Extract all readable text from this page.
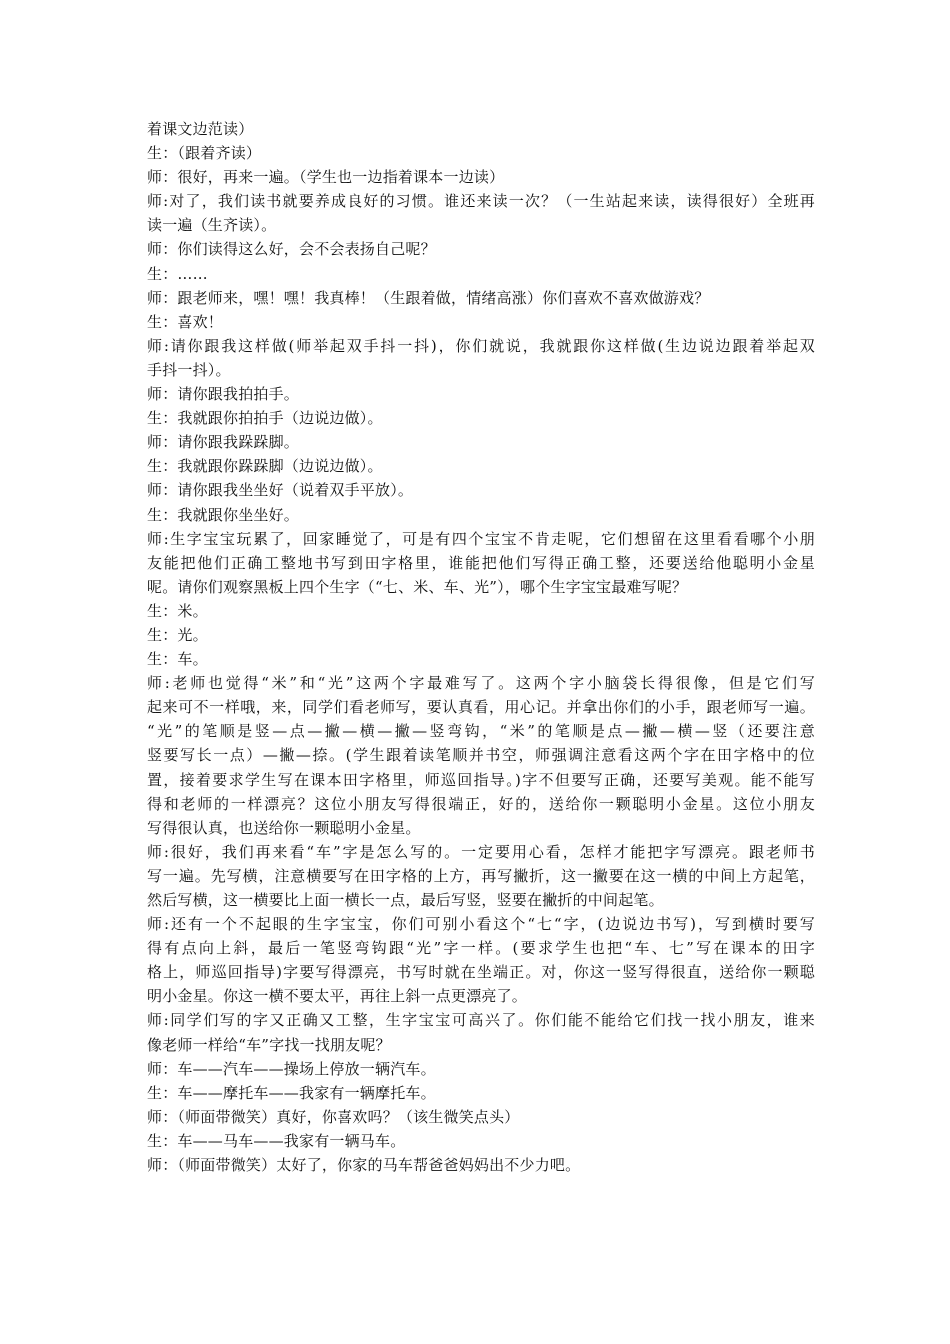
着课文边范读）
生：（跟着齐读）
师：很好，再来一遍。（学生也一边指着课本一边读）
师:对了，我们读书就要养成良好的习惯。谁还来读一次？（一生站起来读，读得很好）全班再
读一遍（生齐读）。
师：你们读得这么好，会不会表扬自己呢？
生：……
师：跟老师来，嘿！嘿！我真棒！（生跟着做，情绪高涨）你们喜欢不喜欢做游戏？
生：喜欢！
师:请你跟我这样做(师举起双手抖一抖)，你们就说，我就跟你这样做(生边说边跟着举起双
手抖一抖）。
师：请你跟我拍拍手。
生：我就跟你拍拍手（边说边做）。
师：请你跟我跺跺脚。
生：我就跟你跺跺脚（边说边做）。
师：请你跟我坐坐好（说着双手平放）。
生：我就跟你坐坐好。
师:生字宝宝玩累了，回家睡觉了，可是有四个宝宝不肯走呢，它们想留在这里看看哪个小朋
友能把他们正确工整地书写到田字格里，谁能把他们写得正确工整，还要送给他聪明小金星
呢。请你们观察黑板上四个生字（“七、米、车、光”），哪个生字宝宝最难写呢？
生：米。
生：光。
生：车。
师:老师也觉得“米”和“光”这两个字最难写了。这两个字小脑袋长得很像，但是它们写
起来可不一样哦，来，同学们看老师写，要认真看，用心记。并拿出你们的小手，跟老师写一遍。
“光”的笔顺是竖—点—撇—横—撇—竖弯钩，“米”的笔顺是点—撇—横—竖（还要注意
竖要写长一点）—撇—捺。(学生跟着读笔顺并书空，师强调注意看这两个字在田字格中的位
置，接着要求学生写在课本田字格里，师巡回指导。)字不但要写正确，还要写美观。能不能写
得和老师的一样漂亮？这位小朋友写得很端正，好的，送给你一颗聪明小金星。这位小朋友
写得很认真，也送给你一颗聪明小金星。
师:很好，我们再来看“车”字是怎么写的。一定要用心看，怎样才能把字写漂亮。跟老师书
写一遍。先写横，注意横要写在田字格的上方，再写撇折，这一撇要在这一横的中间上方起笔，
然后写横，这一横要比上面一横长一点，最后写竖，竖要在撇折的中间起笔。
师:还有一个不起眼的生字宝宝，你们可别小看这个“七“字，(边说边书写)，写到横时要写
得有点向上斜，最后一笔竖弯钩跟“光”字一样。(要求学生也把“车、七”写在课本的田字
格上，师巡回指导)字要写得漂亮，书写时就在坐端正。对，你这一竖写得很直，送给你一颗聪
明小金星。你这一横不要太平，再往上斜一点更漂亮了。
师:同学们写的字又正确又工整，生字宝宝可高兴了。你们能不能给它们找一找小朋友，谁来
像老师一样给“车”字找一找朋友呢？
师：车——汽车——操场上停放一辆汽车。
生：车——摩托车——我家有一辆摩托车。
师：（师面带微笑）真好，你喜欢吗？（该生微笑点头）
生：车——马车——我家有一辆马车。
师：（师面带微笑）太好了，你家的马车帮爸爸妈妈出不少力吧。
